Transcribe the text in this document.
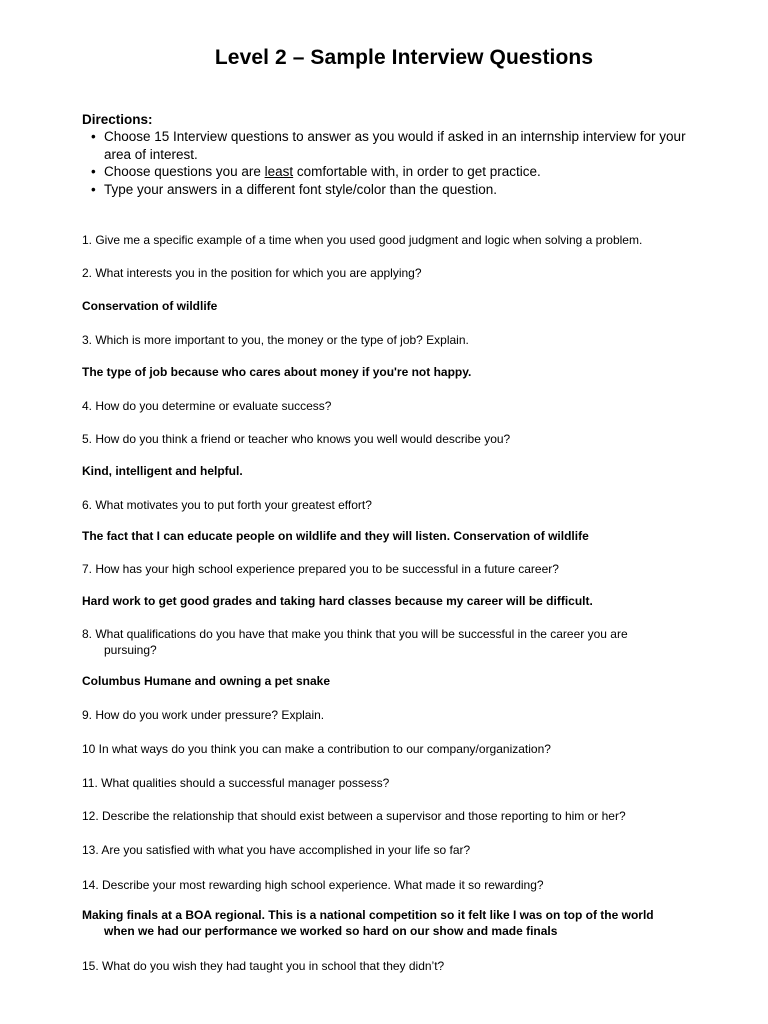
Level 2 – Sample Interview Questions
Directions:
• Choose 15 Interview questions to answer as you would if asked in an internship interview for your
area of interest.
• Choose questions you are least comfortable with, in order to get practice.
• Type your answers in a different font style/color than the question.
1. Give me a specific example of a time when you used good judgment and logic when solving a problem.
2. What interests you in the position for which you are applying?
Conservation of wildlife
3. Which is more important to you, the money or the type of job? Explain.
The type of job because who cares about money if you're not happy.
4. How do you determine or evaluate success?
5. How do you think a friend or teacher who knows you well would describe you?
Kind, intelligent and helpful.
6. What motivates you to put forth your greatest effort?
The fact that I can educate people on wildlife and they will listen. Conservation of wildlife
7. How has your high school experience prepared you to be successful in a future career?
Hard work to get good grades and taking hard classes because my career will be difficult.
8. What qualifications do you have that make you think that you will be successful in the career you are
pursuing?
Columbus Humane and owning a pet snake
9. How do you work under pressure? Explain.
10 In what ways do you think you can make a contribution to our company/organization?
11. What qualities should a successful manager possess?
12. Describe the relationship that should exist between a supervisor and those reporting to him or her?
13. Are you satisfied with what you have accomplished in your life so far?
14. Describe your most rewarding high school experience. What made it so rewarding?
Making finals at a BOA regional. This is a national competition so it felt like I was on top of the world
when we had our performance we worked so hard on our show and made finals
15. What do you wish they had taught you in school that they didn’t?
